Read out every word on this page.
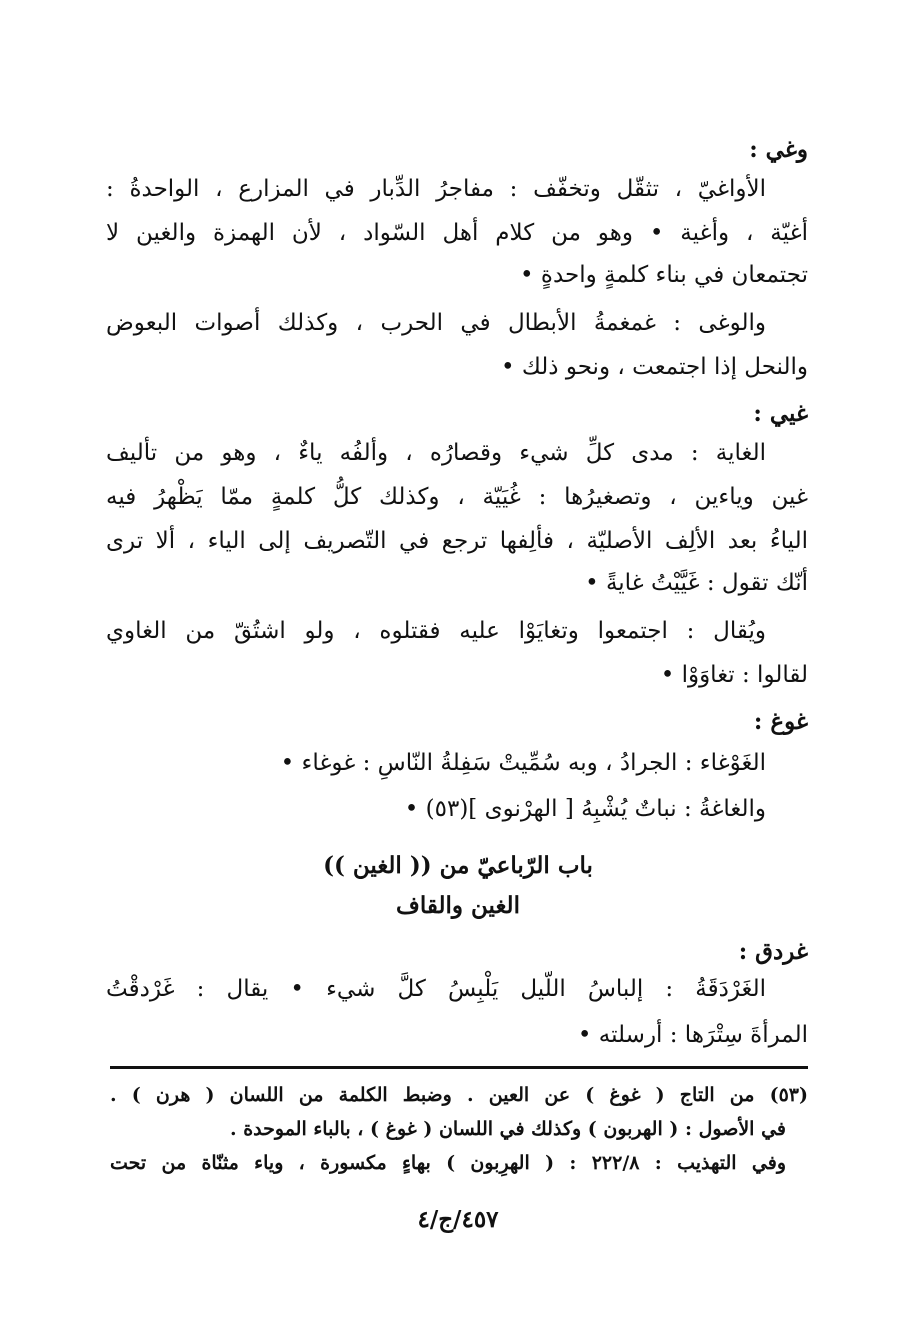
وغي :
الأواغيّ ، تثقّل وتخفّف : مفاجرُ الدِّبار في المزارع ، الواحدةُ :
أغيّة ، وأغية • وهو من كلام أهل السّواد ، لأن الهمزة والغين لا
تجتمعان في بناء كلمةٍ واحدةٍ •
والوغى : غمغمةُ الأبطال في الحرب ، وكذلك أصوات البعوض
والنحل إذا اجتمعت ، ونحو ذلك •
غيي :
الغاية : مدى كلِّ شيء وقصارُه ، وألفُه ياءٌ ، وهو من تأليف
غين وياءين ، وتصغيرُها : غُيَيّة ، وكذلك كلُّ كلمةٍ ممّا يَظْهرُ فيه
الياءُ بعد الألِف الأصليّة ، فألِفها ترجع في التّصريف إلى الياء ، ألا ترى
أنّك تقول : غَيَّيْتُ غايةً •
ويُقال : اجتمعوا وتغايَوْا عليه فقتلوه ، ولو اشتُقّ من الغاوي
لقالوا : تغاوَوْا •
غوغ :
الغَوْغاء : الجرادُ ، وبه سُمِّيتْ سَفِلةُ النّاسِ : غوغاء •
والغاغةُ : نباتٌ يُشْبِهُ [ الهرْنوى ](٥٣) •
باب الرّباعيّ من (( الغين ))
الغين والقاف
غردق :
الغَرْدَقَةُ : إلباسُ اللّيل يَلْبِسُ كلَّ شيء • يقال : غَرْدقْتُ
المرأةَ سِتْرَها : أرسلته •
(٥٣) من التاج ( غوغ ) عن العين . وضبط الكلمة من اللسان ( هرن ) .
في الأصول : ( الهربون ) وكذلك في اللسان ( غوغ ) ، بالباء الموحدة .
وفي التهذيب : ٢٢٢/٨ : ( الهرِبون ) بهاءٍ مكسورة ، وياء مثنّاة من تحت
٤٥٧/ج/٤
